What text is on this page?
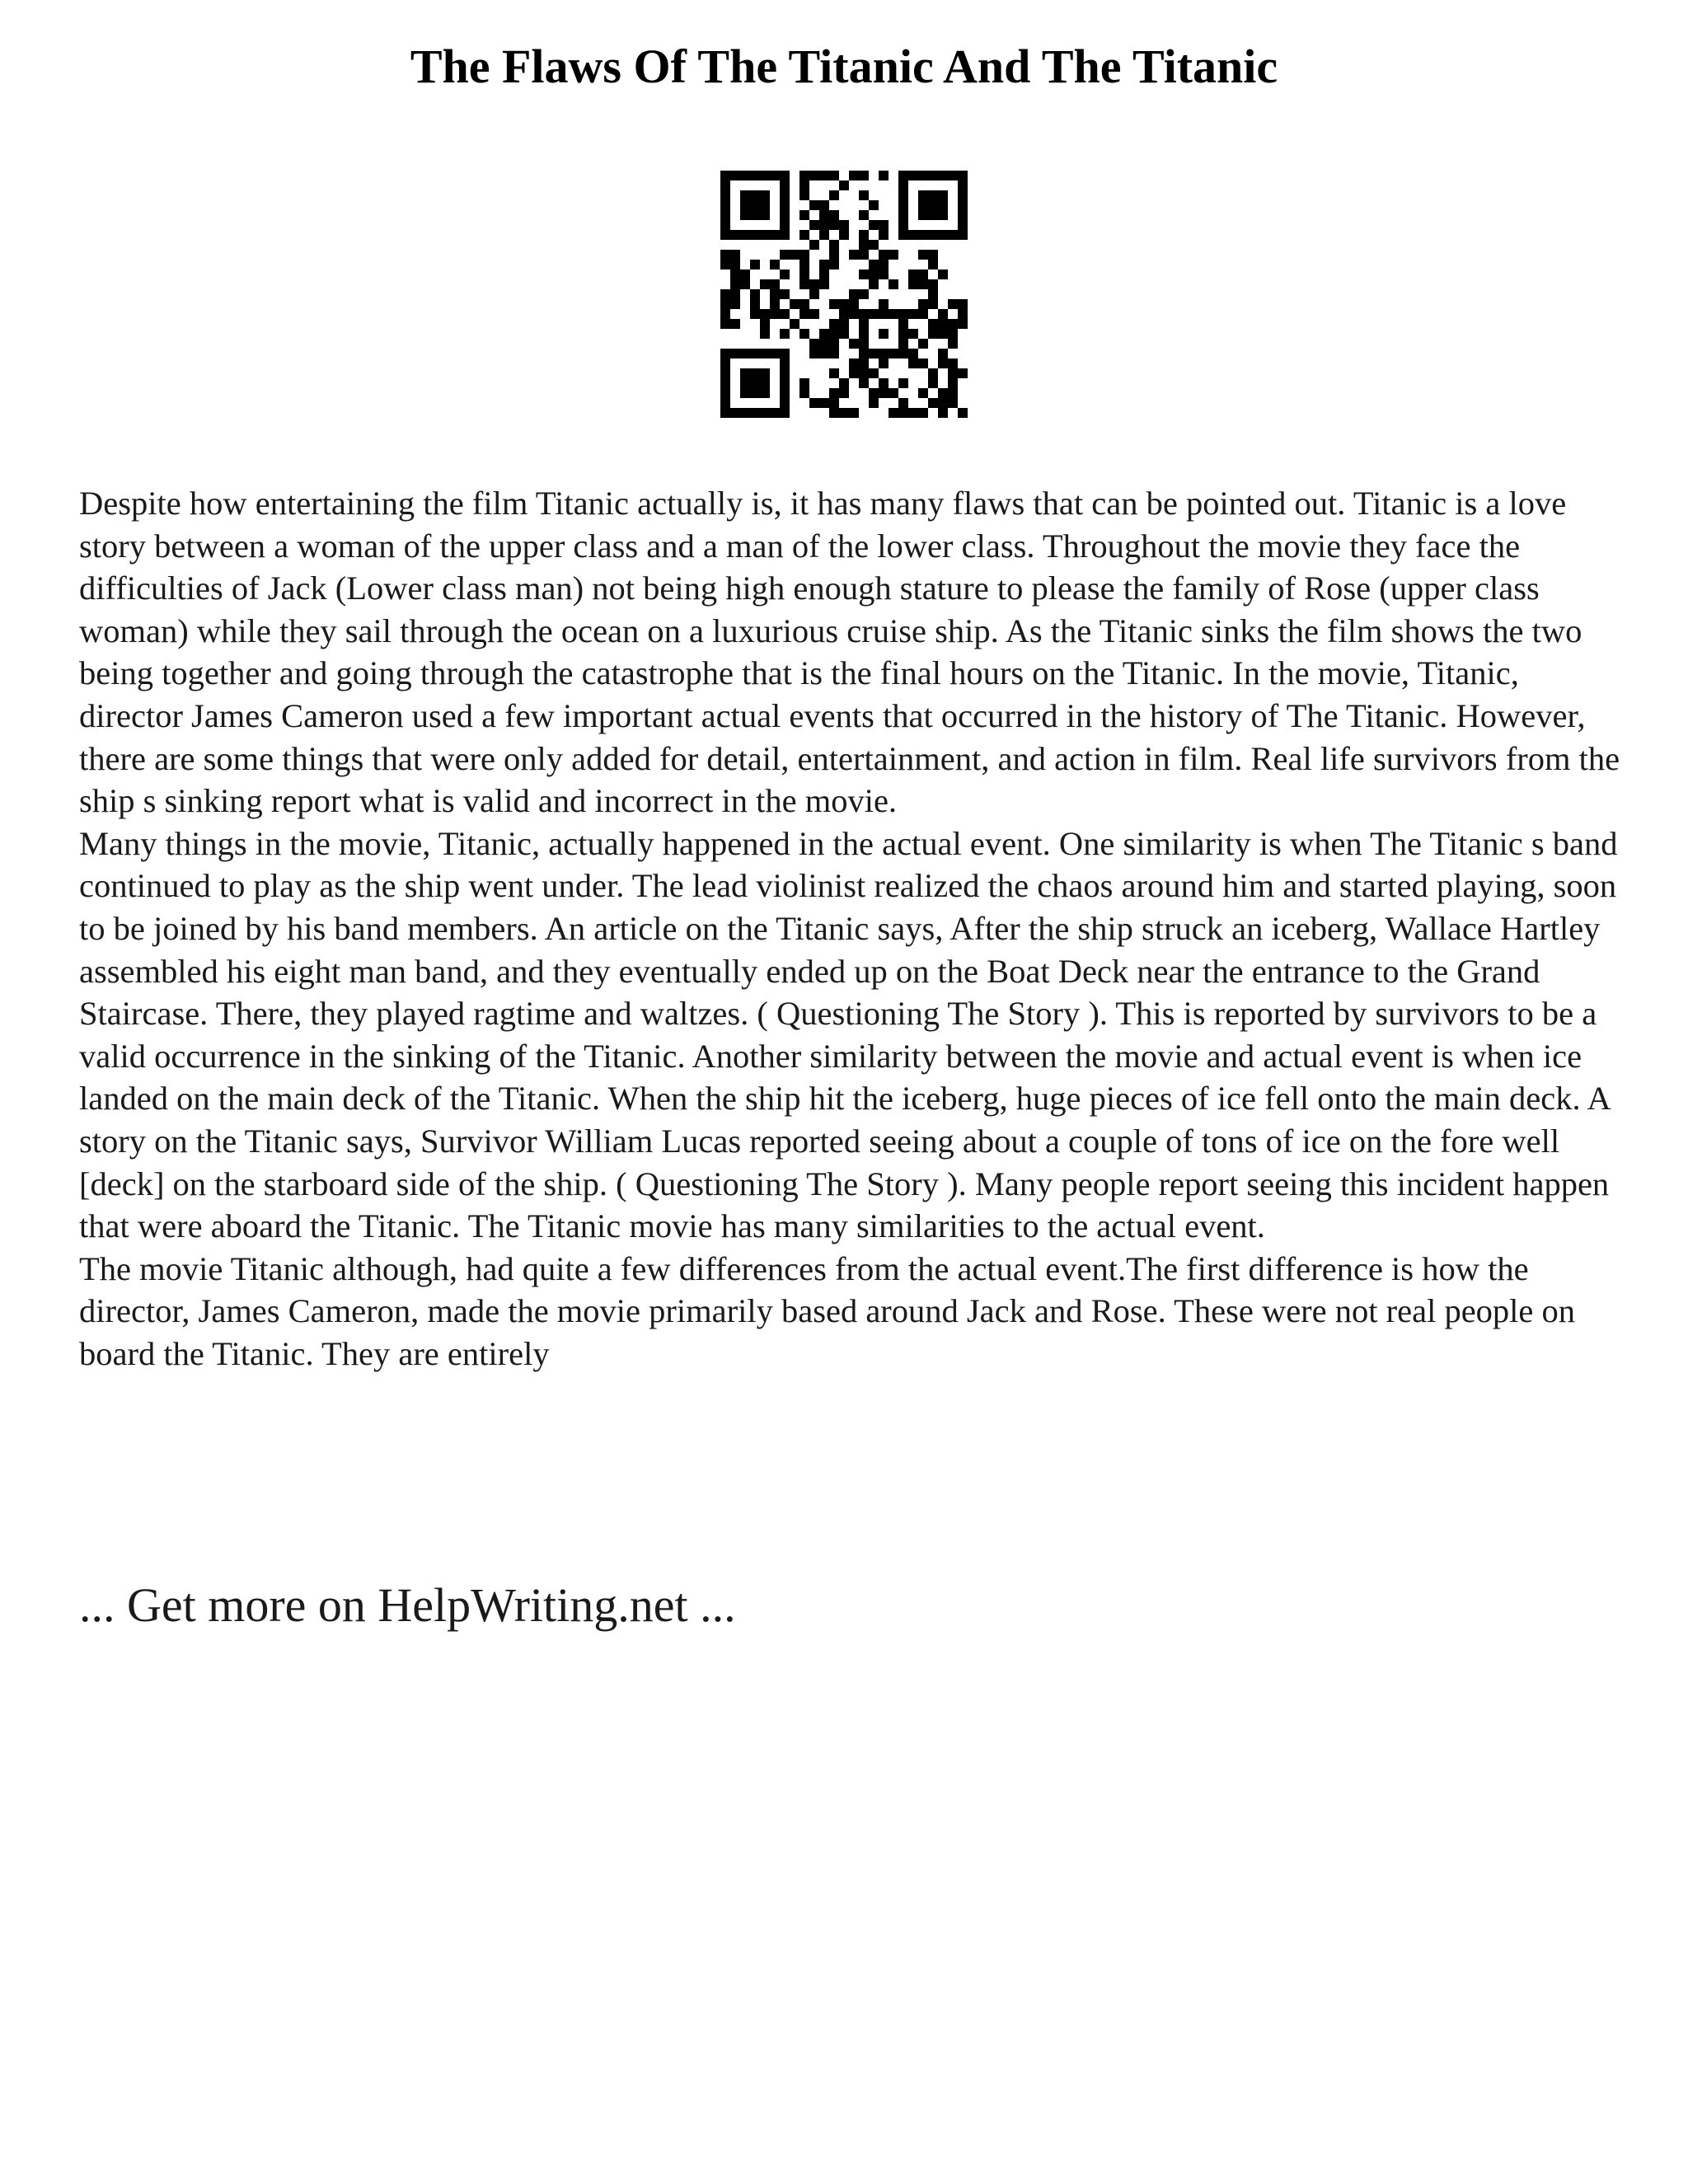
The Flaws Of The Titanic And The Titanic

Despite how entertaining the film Titanic actually is, it has many flaws that can be pointed out. Titanic is a love story between a woman of the upper class and a man of the lower class. Throughout the movie they face the difficulties of Jack (Lower class man) not being high enough stature to please the family of Rose (upper class woman) while they sail through the ocean on a luxurious cruise ship. As the Titanic sinks the film shows the two being together and going through the catastrophe that is the final hours on the Titanic. In the movie, Titanic, director James Cameron used a few important actual events that occurred in the history of The Titanic. However, there are some things that were only added for detail, entertainment, and action in film. Real life survivors from the ship s sinking report what is valid and incorrect in the movie.

Many things in the movie, Titanic, actually happened in the actual event. One similarity is when The Titanic s band continued to play as the ship went under. The lead violinist realized the chaos around him and started playing, soon to be joined by his band members. An article on the Titanic says, After the ship struck an iceberg, Wallace Hartley assembled his eight man band, and they eventually ended up on the Boat Deck near the entrance to the Grand Staircase. There, they played ragtime and waltzes. ( Questioning The Story ). This is reported by survivors to be a valid occurrence in the sinking of the Titanic. Another similarity between the movie and actual event is when ice landed on the main deck of the Titanic. When the ship hit the iceberg, huge pieces of ice fell onto the main deck. A story on the Titanic says, Survivor William Lucas reported seeing about a couple of tons of ice on the fore well [deck] on the starboard side of the ship. ( Questioning The Story ). Many people report seeing this incident happen that were aboard the Titanic. The Titanic movie has many similarities to the actual event.

The movie Titanic although, had quite a few differences from the actual event.The first difference is how the director, James Cameron, made the movie primarily based around Jack and Rose. These were not real people on board the Titanic. They are entirely

... Get more on HelpWriting.net ...
